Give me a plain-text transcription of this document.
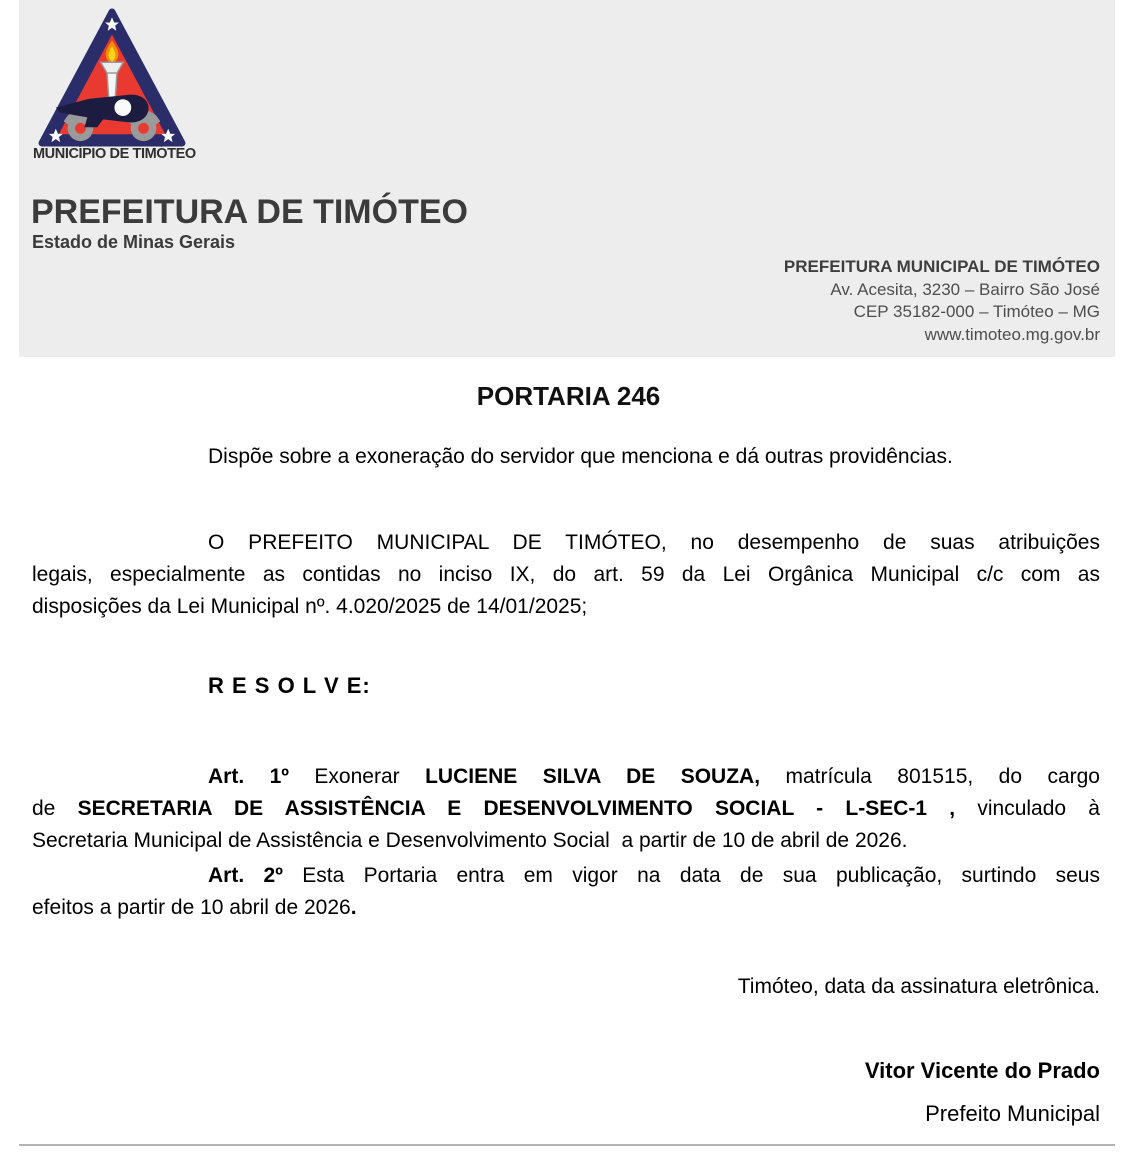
MUNICÍPIO DE TIMÓTEO
PREFEITURA DE TIMÓTEO
Estado de Minas Gerais
PREFEITURA MUNICIPAL DE TIMÓTEO
Av. Acesita, 3230 – Bairro São José
CEP 35182-000 – Timóteo – MG
www.timoteo.mg.gov.br
PORTARIA 246
Dispõe sobre a exoneração do servidor que menciona e dá outras providências.
O PREFEITO MUNICIPAL DE TIMÓTEO, no desempenho de suas atribuições
legais, especialmente as contidas no inciso IX, do art. 59 da Lei Orgânica Municipal c/c com as
disposições da Lei Municipal nº. 4.020/2025 de 14/01/2025;
R E S O L V E:
Art. 1º Exonerar LUCIENE SILVA DE SOUZA, matrícula 801515, do cargo
de SECRETARIA DE ASSISTÊNCIA E DESENVOLVIMENTO SOCIAL - L-SEC-1 , vinculado à
Secretaria Municipal de Assistência e Desenvolvimento Social  a partir de 10 de abril de 2026.
Art. 2º Esta Portaria entra em vigor na data de sua publicação, surtindo seus
efeitos a partir de 10 abril de 2026.
Timóteo, data da assinatura eletrônica.
Vitor Vicente do Prado
Prefeito Municipal
